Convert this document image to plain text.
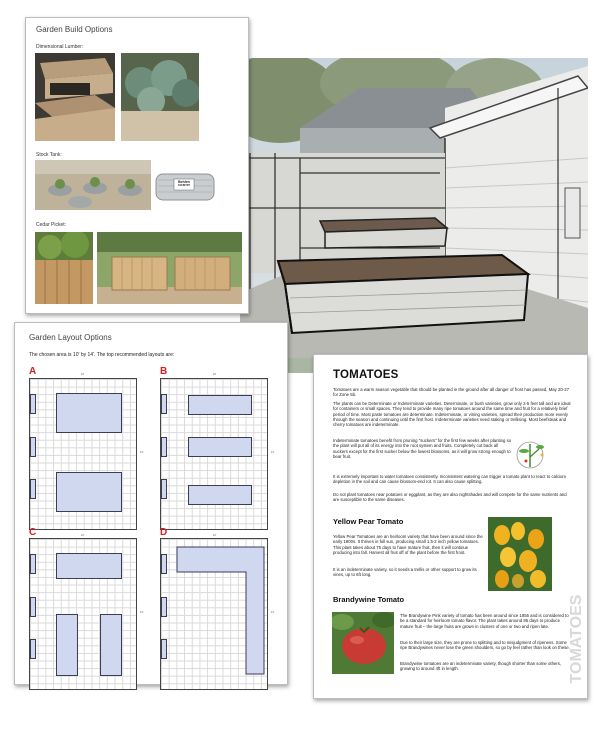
Garden Build Options
Dimensional Lumber:
Stock Tank:
Behlen
COUNTRY
Cedar Picket:
Garden Layout Options
The chosen area is 10' by 14'. The top recommended layouts are:
A	10'
14'
B	10'
14'
C	10'
14'
D	10'
14'
TOMATOES
Tomatoes are a warm season vegetable that should be planted in the ground after all danger of frost has passed, May 20-27 for Zone 5b.
The plants can be Determinate or Indeterminate varieties. Determinate, or bush varieties, grow only 2-5 feet tall and are ideal for containers or small spaces. They tend to provide many ripe tomatoes around the same time and fruit for a relatively brief period of time. Most paste tomatoes are determinate. Indeterminate, or vining varieties, spread their production more evenly through the season and continuing until the first frost. Indeterminate varieties need staking or trellising. Most beefsteak and cherry tomatoes are indeterminate.
Indeterminate tomatoes benefit from pruning "suckers" for the first few weeks after planting so the plant will put all of its energy into the root system and fruits. Completely cut back all suckers except for the first sucker below the lowest blossoms, as it will grow strong enough to bear fruit.
It is extremely important to water tomatoes consistently. Inconsistent watering can trigger a tomato plant to react to calcium depletion in the soil and can cause blossom-end rot. It can also cause splitting.
Do not plant tomatoes near potatoes or eggplant, as they are also nightshades and will compete for the same nutrients and are susceptible to the same diseases.
Yellow Pear Tomato
Yellow Pear Tomatoes are an heirloom variety that have been around since the early 1800s. It thrives in full sun, producing small 1.5-2 inch yellow tomatoes. This plant takes about 75 days to have mature fruit, then it will continue producing into fall. Harvest all fruit off of the plant before the first frost.
It is an indeterminate variety, so it needs a trellis or other support to grow its vines, up to 6ft long.
Brandywine Tomato
The Brandywine Pink variety of tomato has been around since 1855 and is considered to be a standard for heirloom tomato flavor. The plant takes around 85 days to produce mature fruit – the large fruits are grown in clusters of one or two and ripen late.
Due to their large size, they are prone to splitting and to misjudgment of ripeness. Some ripe Brandywines never lose the green shoulders, so go by feel rather than look on these.
Brandywine tomatoes are an indeterminate variety, though shorter than some others, growing to around 4ft in length.	TOMATOES
